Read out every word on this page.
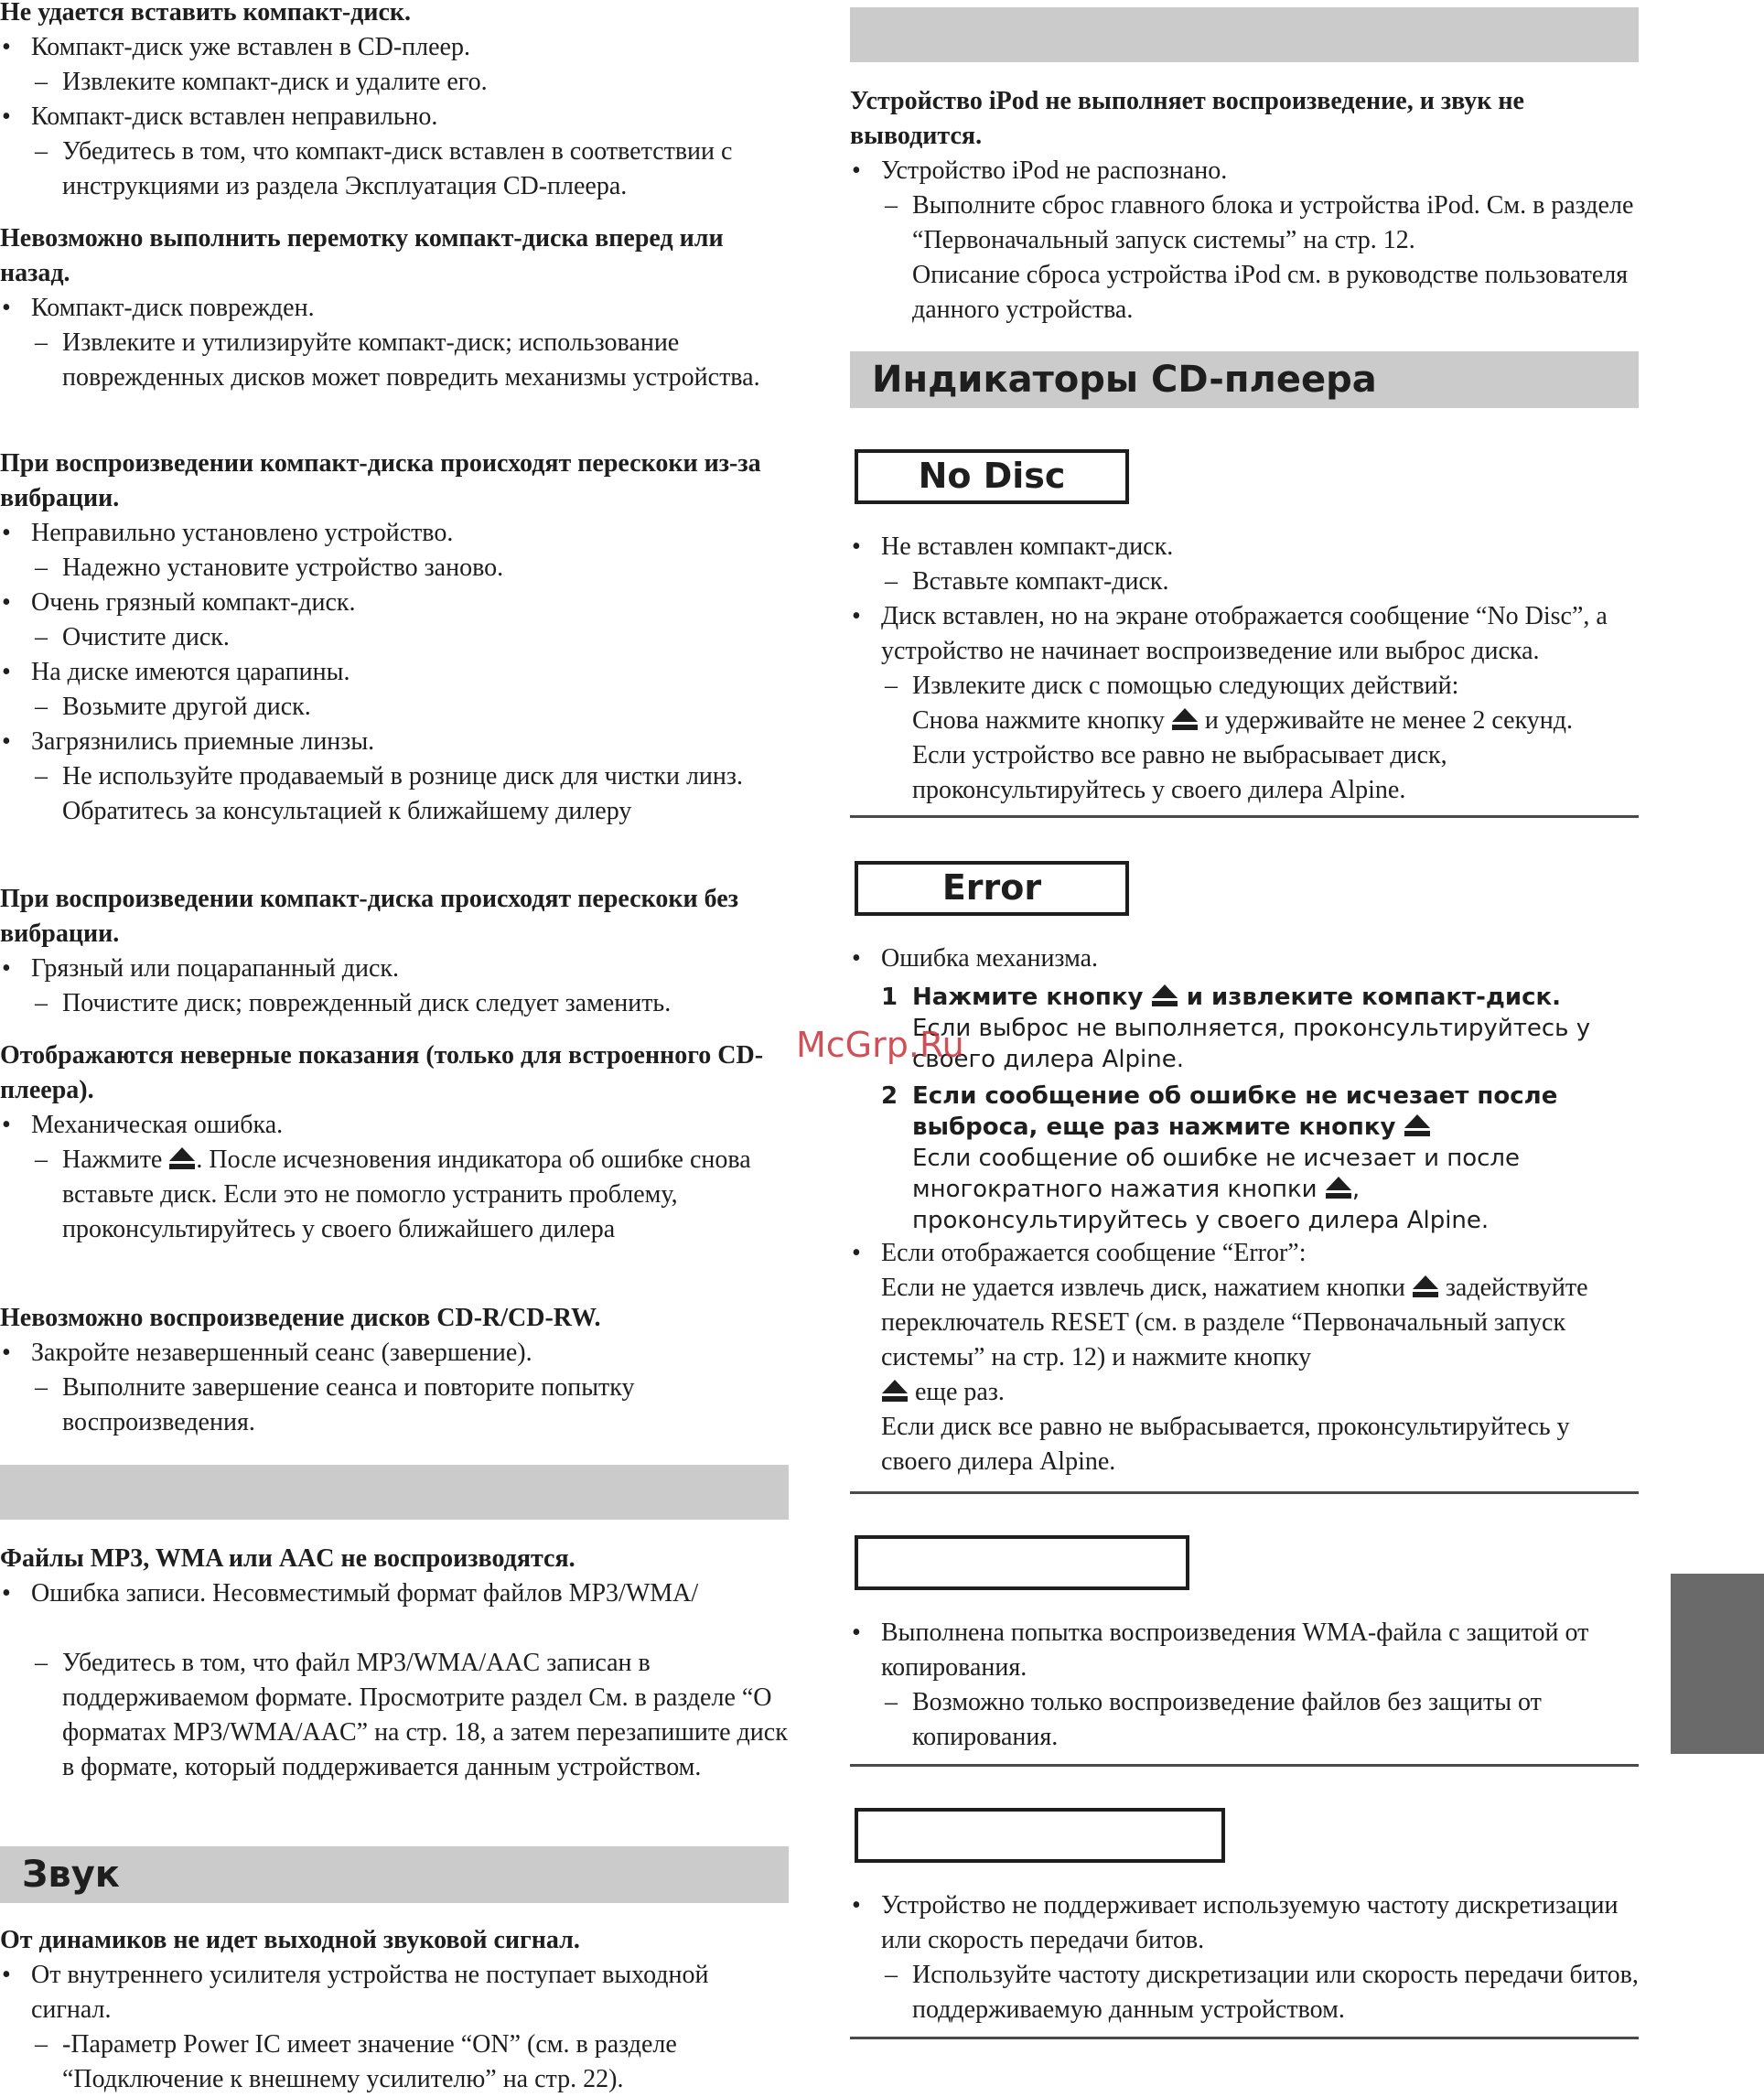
Не удается вставить компакт-диск.

• Компакт-диск уже вставлен в CD-плеер.

– Извлеките компакт-диск и удалите его.

• Компакт-диск вставлен неправильно.

– Убедитесь в том, что компакт-диск вставлен в соответствии с инструкциями из раздела Эксплуатация CD-плеера.

Невозможно выполнить перемотку компакт-диска вперед или назад.

• Компакт-диск поврежден.

– Извлеките и утилизируйте компакт-диск; использование поврежденных дисков может повредить механизмы устройства.

При воспроизведении компакт-диска происходят перескоки из-за вибрации.

• Неправильно установлено устройство.

– Надежно установите устройство заново.

• Очень грязный компакт-диск.

– Очистите диск.

• На диске имеются царапины.

– Возьмите другой диск.

• Загрязнились приемные линзы.

– Не используйте продаваемый в рознице диск для чистки линз. Обратитесь за консультацией к ближайшему дилеру

При воспроизведении компакт-диска происходят перескоки без вибрации.

• Грязный или поцарапанный диск.

– Почистите диск; поврежденный диск следует заменить.

Отображаются неверные показания (только для встроенного CD-плеера).

• Механическая ошибка.

– Нажмите . После исчезновения индикатора об ошибке снова вставьте диск. Если это не помогло устранить проблему, проконсультируйтесь у своего ближайшего дилера

Невозможно воспроизведение дисков CD-R/CD-RW.

• Закройте незавершенный сеанс (завершение).

– Выполните завершение сеанса и повторите попытку воспроизведения.

Файлы MP3, WMA или AAC не воспроизводятся.

• Ошибка записи. Несовместимый формат файлов MP3/WMA/

– Убедитесь в том, что файл MP3/WMA/AAC записан в поддерживаемом формате. Просмотрите раздел См. в разделе “О форматах MP3/WMA/AAC” на стр. 18, а затем перезапишите диск в формате, который поддерживается данным устройством.

Звук

От динамиков не идет выходной звуковой сигнал.

• От внутреннего усилителя устройства не поступает выходной сигнал.

– -Параметр Power IC имеет значение “ON” (см. в разделе “Подключение к внешнему усилителю” на стр. 22).

Устройство iPod не выполняет воспроизведение, и звук не выводится.

• Устройство iPod не распознано.

– Выполните сброс главного блока и устройства iPod. См. в разделе “Первоначальный запуск системы” на стр. 12.

Описание сброса устройства iPod см. в руководстве пользователя данного устройства.

Индикаторы CD-плеера
No Disc

• Не вставлен компакт-диск.

– Вставьте компакт-диск.

• Диск вставлен, но на экране отображается сообщение “No Disc”, а устройство не начинает воспроизведение или выброс диска.

– Извлеките диск с помощью следующих действий:

Снова нажмите кнопку  и удерживайте не менее 2 секунд.

Если устройство все равно не выбрасывает диск, проконсультируйтесь у своего дилера Alpine.

Error

• Ошибка механизма.

1 Нажмите кнопку  и извлеките компакт-диск.
Если выброс не выполняется, проконсультируйтесь у своего дилера Alpine.
2 Если сообщение об ошибке не исчезает после выброса, еще раз нажмите кнопку
Если сообщение об ошибке не исчезает и после многократного нажатия кнопки , проконсультируйтесь у своего дилера Alpine.

• Если отображается сообщение “Error”:

Если не удается извлечь диск, нажатием кнопки задействуйте переключатель RESET (см. в разделе “Первоначальный запуск системы” на стр. 12) и нажмите кнопку
еще раз.

Если диск все равно не выбрасывается, проконсультируйтесь у своего дилера Alpine.

• Выполнена попытка воспроизведения WMA-файла с защитой от копирования.

– Возможно только воспроизведение файлов без защиты от копирования.

• Устройство не поддерживает используемую частоту дискретизации или скорость передачи битов.

– Используйте частоту дискретизации или скорость передачи битов, поддерживаемую данным устройством.

McGrp.Ru
